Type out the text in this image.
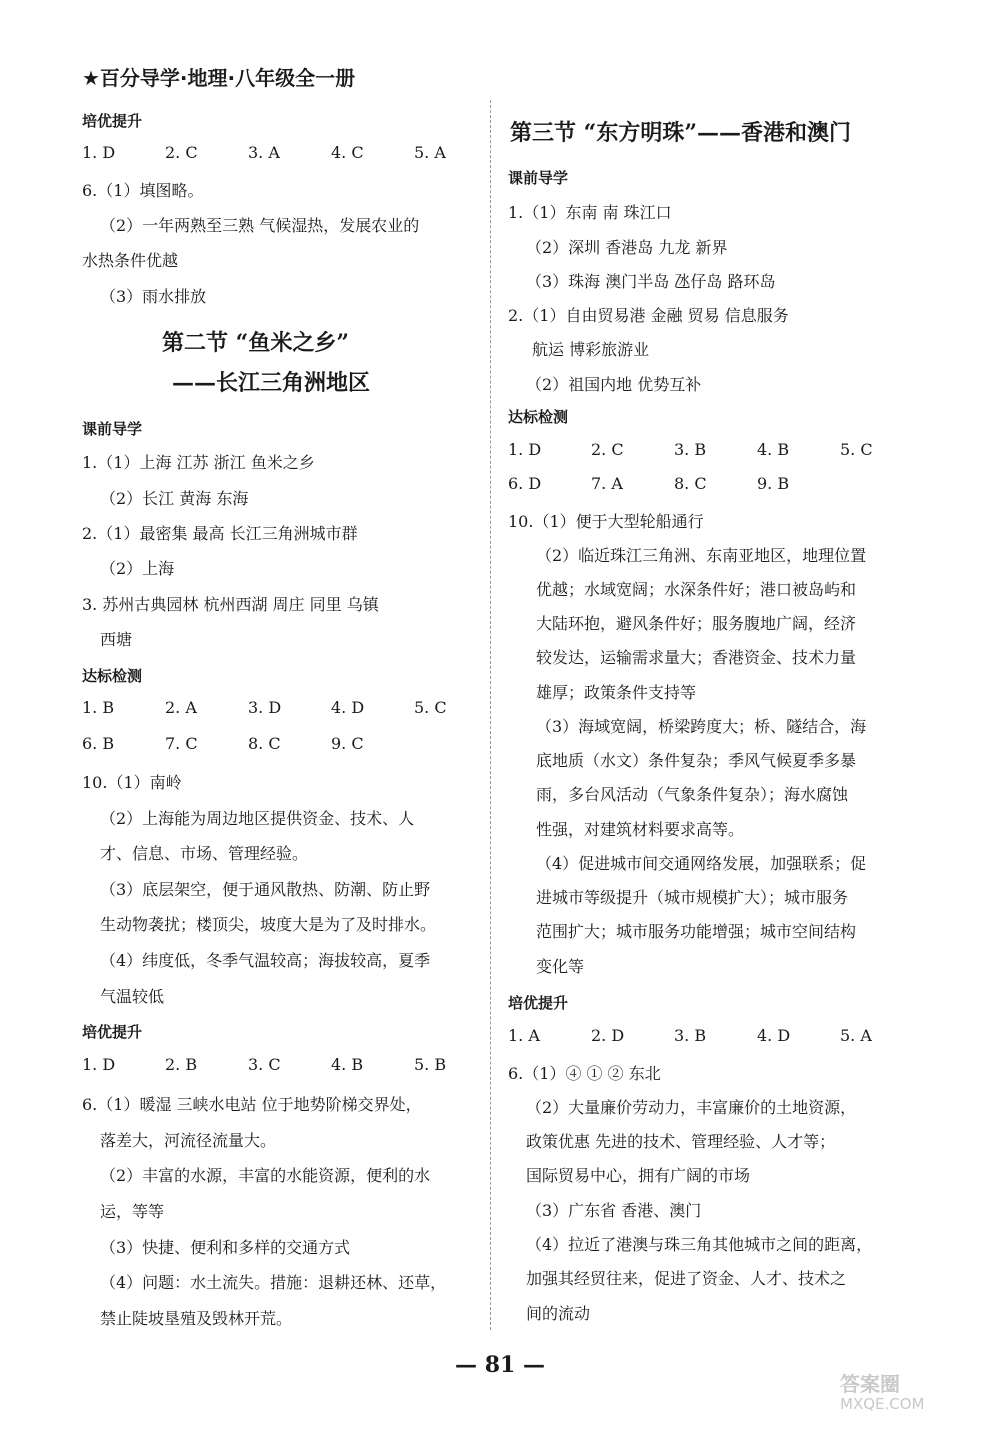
★百分导学·地理·八年级全一册
培优提升
1. D	2. C	3. A	4. C	5. A
6.（1）填图略。
（2）一年两熟至三熟 气候湿热，发展农业的
水热条件优越
（3）雨水排放
第二节 “鱼米之乡”
——长江三角洲地区
课前导学
1.（1）上海 江苏 浙江 鱼米之乡
（2）长江 黄海 东海
2.（1）最密集 最高 长江三角洲城市群
（2）上海
3. 苏州古典园林 杭州西湖 周庄 同里 乌镇
西塘
达标检测
1. B	2. A	3. D	4. D	5. C
6. B	7. C	8. C	9. C
10.（1）南岭
（2）上海能为周边地区提供资金、技术、人
才、信息、市场、管理经验。
（3）底层架空，便于通风散热、防潮、防止野
生动物袭扰；楼顶尖，坡度大是为了及时排水。
（4）纬度低，冬季气温较高；海拔较高，夏季
气温较低
培优提升
1. D	2. B	3. C	4. B	5. B
6.（1）暖湿 三峡水电站 位于地势阶梯交界处，
落差大，河流径流量大。
（2）丰富的水源，丰富的水能资源，便利的水
运，等等
（3）快捷、便利和多样的交通方式
（4）问题：水土流失。措施：退耕还林、还草，
禁止陡坡垦殖及毁林开荒。
第三节 “东方明珠”——香港和澳门
课前导学
1.（1）东南 南 珠江口
（2）深圳 香港岛 九龙 新界
（3）珠海 澳门半岛 氹仔岛 路环岛
2.（1）自由贸易港 金融 贸易 信息服务
航运 博彩旅游业
（2）祖国内地 优势互补
达标检测
1. D	2. C	3. B	4. B	5. C
6. D	7. A	8. C	9. B
10.（1）便于大型轮船通行
（2）临近珠江三角洲、东南亚地区，地理位置
优越；水域宽阔；水深条件好；港口被岛屿和
大陆环抱，避风条件好；服务腹地广阔，经济
较发达，运输需求量大；香港资金、技术力量
雄厚；政策条件支持等
（3）海域宽阔，桥梁跨度大；桥、隧结合，海
底地质（水文）条件复杂；季风气候夏季多暴
雨，多台风活动（气象条件复杂）；海水腐蚀
性强，对建筑材料要求高等。
（4）促进城市间交通网络发展，加强联系；促
进城市等级提升（城市规模扩大）；城市服务
范围扩大；城市服务功能增强；城市空间结构
变化等
培优提升
1. A	2. D	3. B	4. D	5. A
6.（1）④ ① ② 东北
（2）大量廉价劳动力，丰富廉价的土地资源，
政策优惠 先进的技术、管理经验、人才等；
国际贸易中心，拥有广阔的市场
（3）广东省 香港、澳门
（4）拉近了港澳与珠三角其他城市之间的距离，
加强其经贸往来，促进了资金、人才、技术之
间的流动
— 81 —
答案圈
MXQE.COM
